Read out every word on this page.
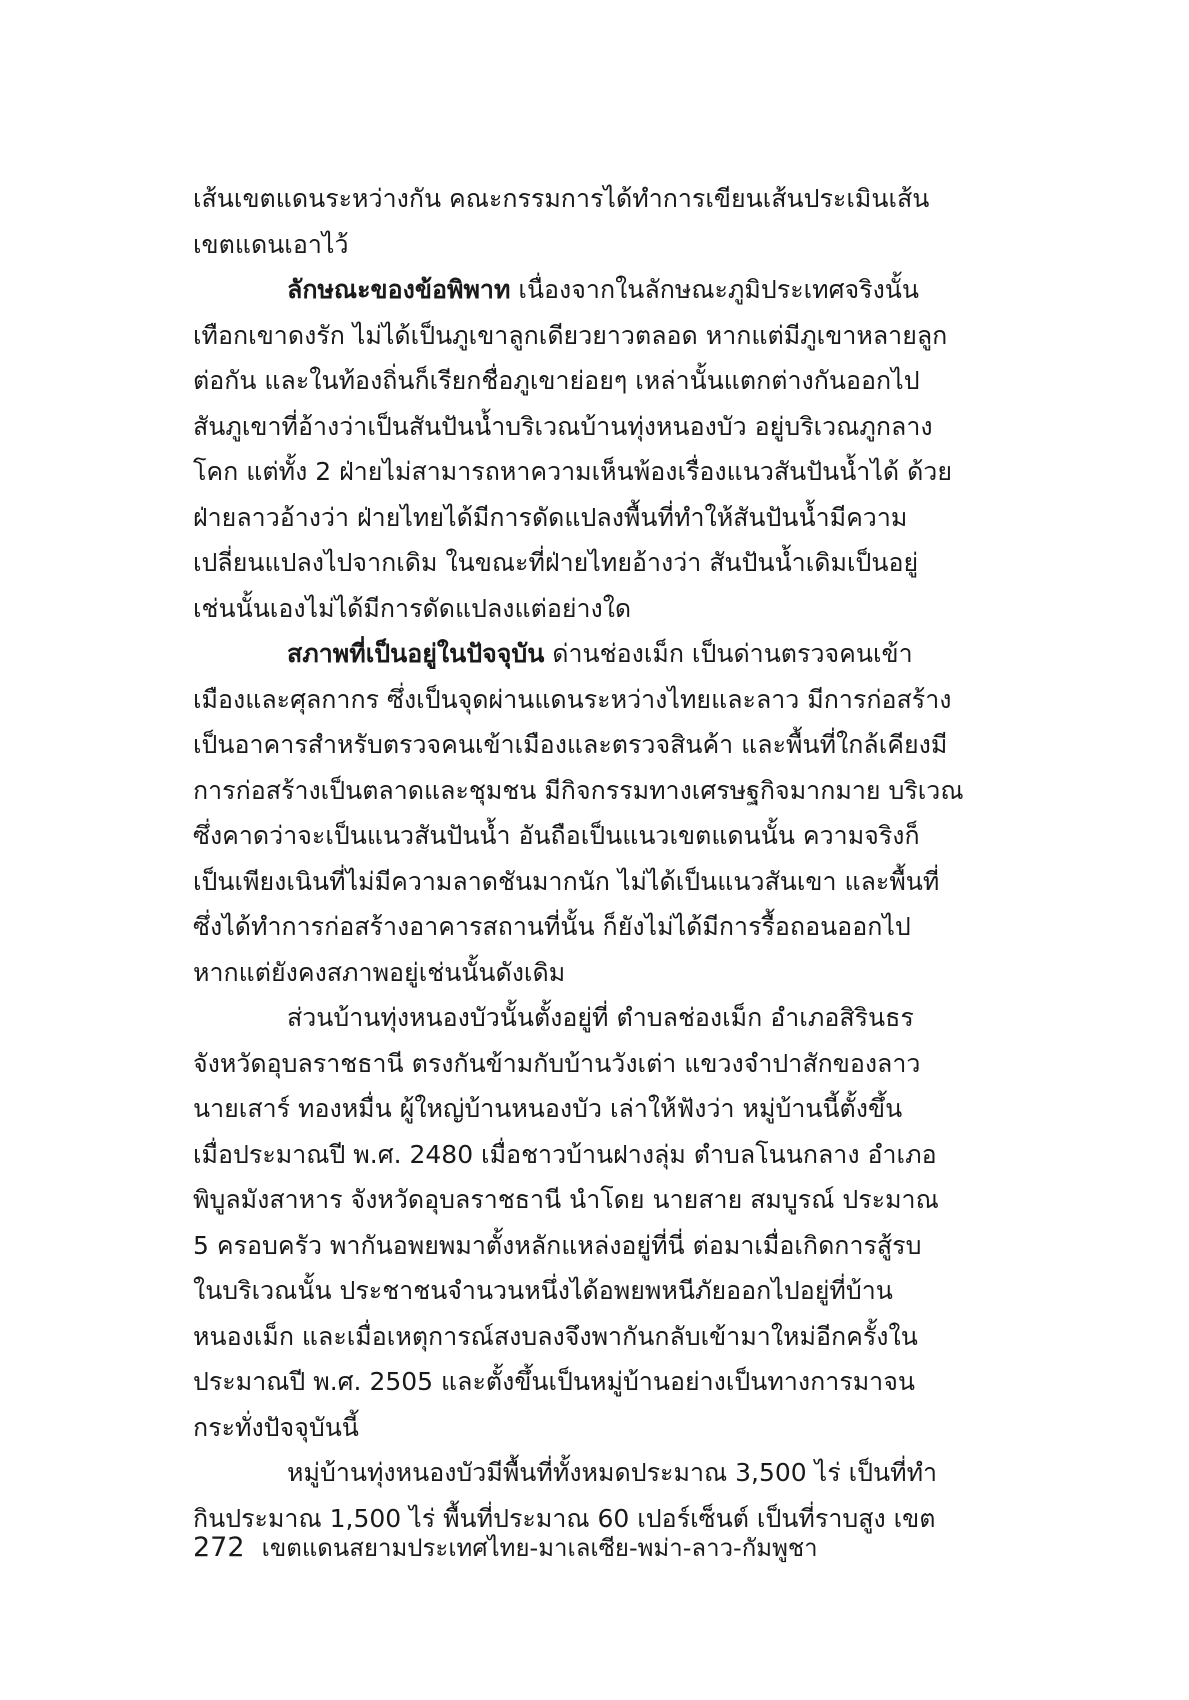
เส้นเขตแดนระหว่างกัน คณะกรรมการได้ทำการเขียนเส้นประเมินเส้น
เขตแดนเอาไว้
ลักษณะของข้อพิพาท เนื่องจากในลักษณะภูมิประเทศจริงนั้น
เทือกเขาดงรัก ไม่ได้เป็นภูเขาลูกเดียวยาวตลอด หากแต่มีภูเขาหลายลูก
ต่อกัน และในท้องถิ่นก็เรียกชื่อภูเขาย่อยๆ เหล่านั้นแตกต่างกันออกไป
สันภูเขาที่อ้างว่าเป็นสันปันน้ำบริเวณบ้านทุ่งหนองบัว อยู่บริเวณภูกลาง
โคก แต่ทั้ง 2 ฝ่ายไม่สามารถหาความเห็นพ้องเรื่องแนวสันปันน้ำได้ ด้วย
ฝ่ายลาวอ้างว่า ฝ่ายไทยได้มีการดัดแปลงพื้นที่ทำให้สันปันน้ำมีความ
เปลี่ยนแปลงไปจากเดิม ในขณะที่ฝ่ายไทยอ้างว่า สันปันน้ำเดิมเป็นอยู่
เช่นนั้นเองไม่ได้มีการดัดแปลงแต่อย่างใด
สภาพที่เป็นอยู่ในปัจจุบัน ด่านช่องเม็ก เป็นด่านตรวจคนเข้า
เมืองและศุลกากร ซึ่งเป็นจุดผ่านแดนระหว่างไทยและลาว มีการก่อสร้าง
เป็นอาคารสำหรับตรวจคนเข้าเมืองและตรวจสินค้า และพื้นที่ใกล้เคียงมี
การก่อสร้างเป็นตลาดและชุมชน มีกิจกรรมทางเศรษฐกิจมากมาย บริเวณ
ซึ่งคาดว่าจะเป็นแนวสันปันน้ำ อันถือเป็นแนวเขตแดนนั้น ความจริงก็
เป็นเพียงเนินที่ไม่มีความลาดชันมากนัก ไม่ได้เป็นแนวสันเขา และพื้นที่
ซึ่งได้ทำการก่อสร้างอาคารสถานที่นั้น ก็ยังไม่ได้มีการรื้อถอนออกไป
หากแต่ยังคงสภาพอยู่เช่นนั้นดังเดิม
ส่วนบ้านทุ่งหนองบัวนั้นตั้งอยู่ที่ ตำบลช่องเม็ก อำเภอสิรินธร
จังหวัดอุบลราชธานี ตรงกันข้ามกับบ้านวังเต่า แขวงจำปาสักของลาว
นายเสาร์ ทองหมื่น ผู้ใหญ่บ้านหนองบัว เล่าให้ฟังว่า หมู่บ้านนี้ตั้งขึ้น
เมื่อประมาณปี พ.ศ. 2480 เมื่อชาวบ้านฝางลุ่ม ตำบลโนนกลาง อำเภอ
พิบูลมังสาหาร จังหวัดอุบลราชธานี นำโดย นายสาย สมบูรณ์ ประมาณ
5 ครอบครัว พากันอพยพมาตั้งหลักแหล่งอยู่ที่นี่ ต่อมาเมื่อเกิดการสู้รบ
ในบริเวณนั้น ประชาชนจำนวนหนึ่งได้อพยพหนีภัยออกไปอยู่ที่บ้าน
หนองเม็ก และเมื่อเหตุการณ์สงบลงจึงพากันกลับเข้ามาใหม่อีกครั้งใน
ประมาณปี พ.ศ. 2505 และตั้งขึ้นเป็นหมู่บ้านอย่างเป็นทางการมาจน
กระทั่งปัจจุบันนี้
หมู่บ้านทุ่งหนองบัวมีพื้นที่ทั้งหมดประมาณ 3,500 ไร่ เป็นที่ทำ
กินประมาณ 1,500 ไร่ พื้นที่ประมาณ 60 เปอร์เซ็นต์ เป็นที่ราบสูง เขต
272 เขตแดนสยามประเทศไทย-มาเลเซีย-พม่า-ลาว-กัมพูชา
